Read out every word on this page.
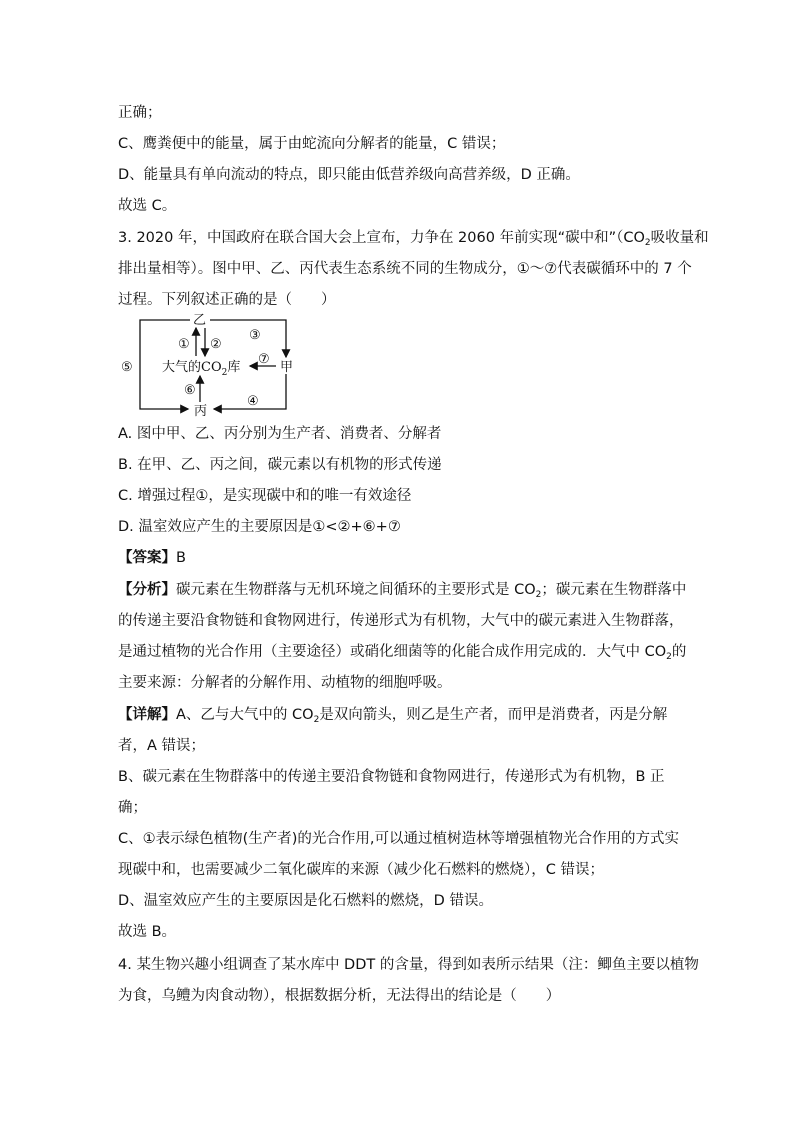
正确；
C、鹰粪便中的能量，属于由蛇流向分解者的能量，C 错误；
D、能量具有单向流动的特点，即只能由低营养级向高营养级，D 正确。
故选 C。
3. 2020 年，中国政府在联合国大会上宣布，力争在 2060 年前实现“碳中和$”(CO_2$吸收量和
排出量相等）。图中甲、乙、丙代表生态系统不同的生物成分，①～⑦代表碳循环中的 7 个
过程。下列叙述正确的是（　　）
乙
丙
甲
大气的$CO_2$库
① ②
③
④
⑤
⑥
⑦
A. 图中甲、乙、丙分别为生产者、消费者、分解者
B. 在甲、乙、丙之间，碳元素以有机物的形式传递
C. 增强过程①，是实现碳中和的唯一有效途径
D. 温室效应产生的主要原因是①<②+⑥+⑦
【答案】B
【分析】碳元素在生物群落与无机环境之间循环的主要形式是 $CO_2$；碳元素在生物群落中
的传递主要沿食物链和食物网进行，传递形式为有机物，大气中的碳元素进入生物群落，
是通过植物的光合作用（主要途径）或硝化细菌等的化能合成作用完成的．大气中 $CO_2$的
主要来源：分解者的分解作用、动植物的细胞呼吸。
【详解】A、乙与大气中的 $CO_2$是双向箭头，则乙是生产者，而甲是消费者，丙是分解
者，A 错误；
B、碳元素在生物群落中的传递主要沿食物链和食物网进行，传递形式为有机物，B 正
确；
C、①表示绿色植物(生产者)的光合作用,可以通过植树造林等增强植物光合作用的方式实
现碳中和，也需要减少二氧化碳库的来源（减少化石燃料的燃烧），C 错误；
D、温室效应产生的主要原因是化石燃料的燃烧，D 错误。
故选 B。
4. 某生物兴趣小组调查了某水库中 DDT 的含量，得到如表所示结果（注：鲫鱼主要以植物
为食，乌鳢为肉食动物），根据数据分析，无法得出的结论是（　　）
